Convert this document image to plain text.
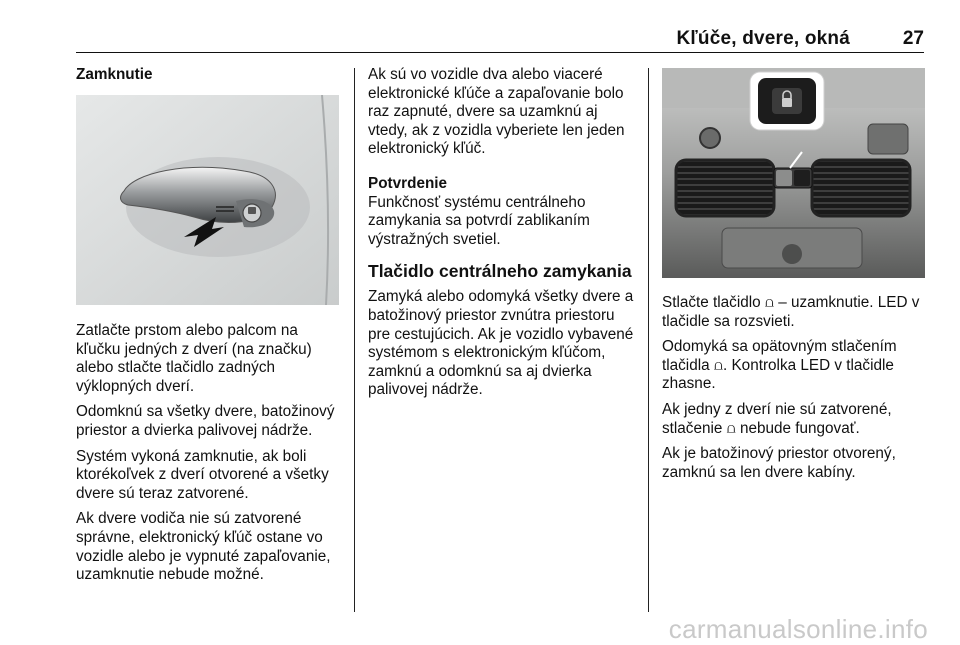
Kľúče, dvere, okná	27
Zamknutie

Zatlačte prstom alebo palcom na kľučku jedných z dverí (na značku) alebo stlačte tlačidlo zadných výklopných dverí.

Odomknú sa všetky dvere, batožinový priestor a dvierka palivovej nádrže.

Systém vykoná zamknutie, ak boli ktorékoľvek z dverí otvorené a všetky dvere sú teraz zatvorené.

Ak dvere vodiča nie sú zatvorené správne, elektronický kľúč ostane vo vozidle alebo je vypnuté zapaľovanie, uzamknutie nebude možné.

Ak sú vo vozidle dva alebo viaceré elektronické kľúče a zapaľovanie bolo raz zapnuté, dvere sa uzamknú aj vtedy, ak z vozidla vyberiete len jeden elektronický kľúč.

Potvrdenie

Funkčnosť systému centrálneho zamykania sa potvrdí zablikaním výstražných svetiel.

Tlačidlo centrálneho zamykania

Zamyká alebo odomyká všetky dvere a batožinový priestor zvnútra priestoru pre cestujúcich. Ak je vozidlo vybavené systémom s elektronickým kľúčom, zamknú a odomknú sa aj dvierka palivovej nádrže.

Stlačte tlačidlo ⩍ – uzamknutie. LED v tlačidle sa rozsvieti.

Odomyká sa opätovným stlačením tlačidla ⩍. Kontrolka LED v tlačidle zhasne.

Ak jedny z dverí nie sú zatvorené, stlačenie ⩍ nebude fungovať.

Ak je batožinový priestor otvorený, zamknú sa len dvere kabíny.

carmanualsonline.info
